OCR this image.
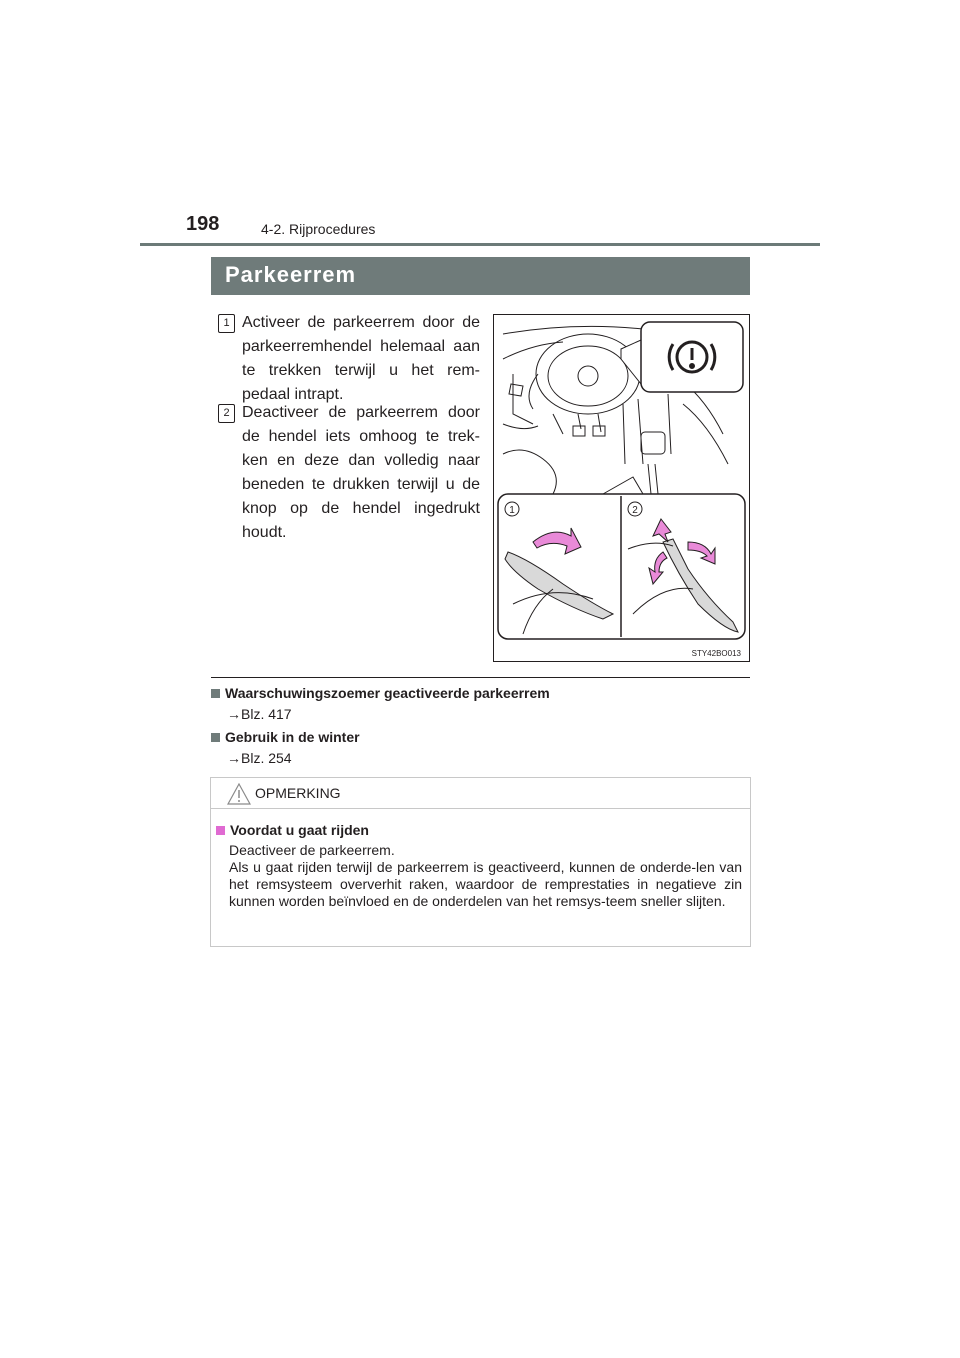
198	4-2. Rijprocedures
Parkeerrem
1 Activeer de parkeerrem door de parkeerremhendel helemaal aan te trekken terwijl u het rem-pedaal intrapt.
2 Deactiveer de parkeerrem door de hendel iets omhoog te trek-ken en deze dan volledig naar beneden te drukken terwijl u de knop op de hendel ingedrukt houdt.
1	2
STY42BO013
Waarschuwingszoemer geactiveerde parkeerrem
→Blz. 417
Gebruik in de winter
→Blz. 254
OPMERKING
Voordat u gaat rijden
Deactiveer de parkeerrem.
Als u gaat rijden terwijl de parkeerrem is geactiveerd, kunnen de onderde-len van het remsysteem oververhit raken, waardoor de remprestaties in negatieve zin kunnen worden beïnvloed en de onderdelen van het remsys-teem sneller slijten.
